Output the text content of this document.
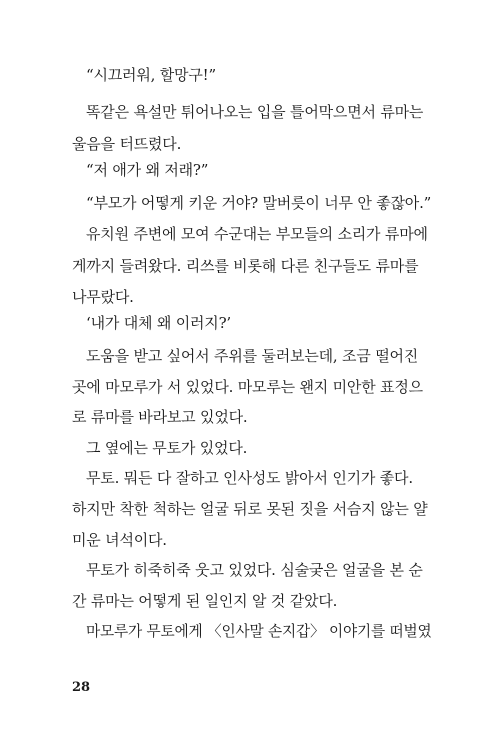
“시끄러워, 할망구!”
똑같은 욕설만 튀어나오는 입을 틀어막으면서 류마는
울음을 터뜨렸다.
“저 애가 왜 저래?”
“부모가 어떻게 키운 거야? 말버릇이 너무 안 좋잖아.”
유치원 주변에 모여 수군대는 부모들의 소리가 류마에
게까지 들려왔다. 리쓰를 비롯해 다른 친구들도 류마를
나무랐다.
‘내가 대체 왜 이러지?’
도움을 받고 싶어서 주위를 둘러보는데, 조금 떨어진
곳에 마모루가 서 있었다. 마모루는 왠지 미안한 표정으
로 류마를 바라보고 있었다.
그 옆에는 무토가 있었다.
무토. 뭐든 다 잘하고 인사성도 밝아서 인기가 좋다.
하지만 착한 척하는 얼굴 뒤로 못된 짓을 서슴지 않는 얄
미운 녀석이다.
무토가 히죽히죽 웃고 있었다. 심술궂은 얼굴을 본 순
간 류마는 어떻게 된 일인지 알 것 같았다.
마모루가 무토에게 〈인사말 손지갑〉 이야기를 떠벌였
28
